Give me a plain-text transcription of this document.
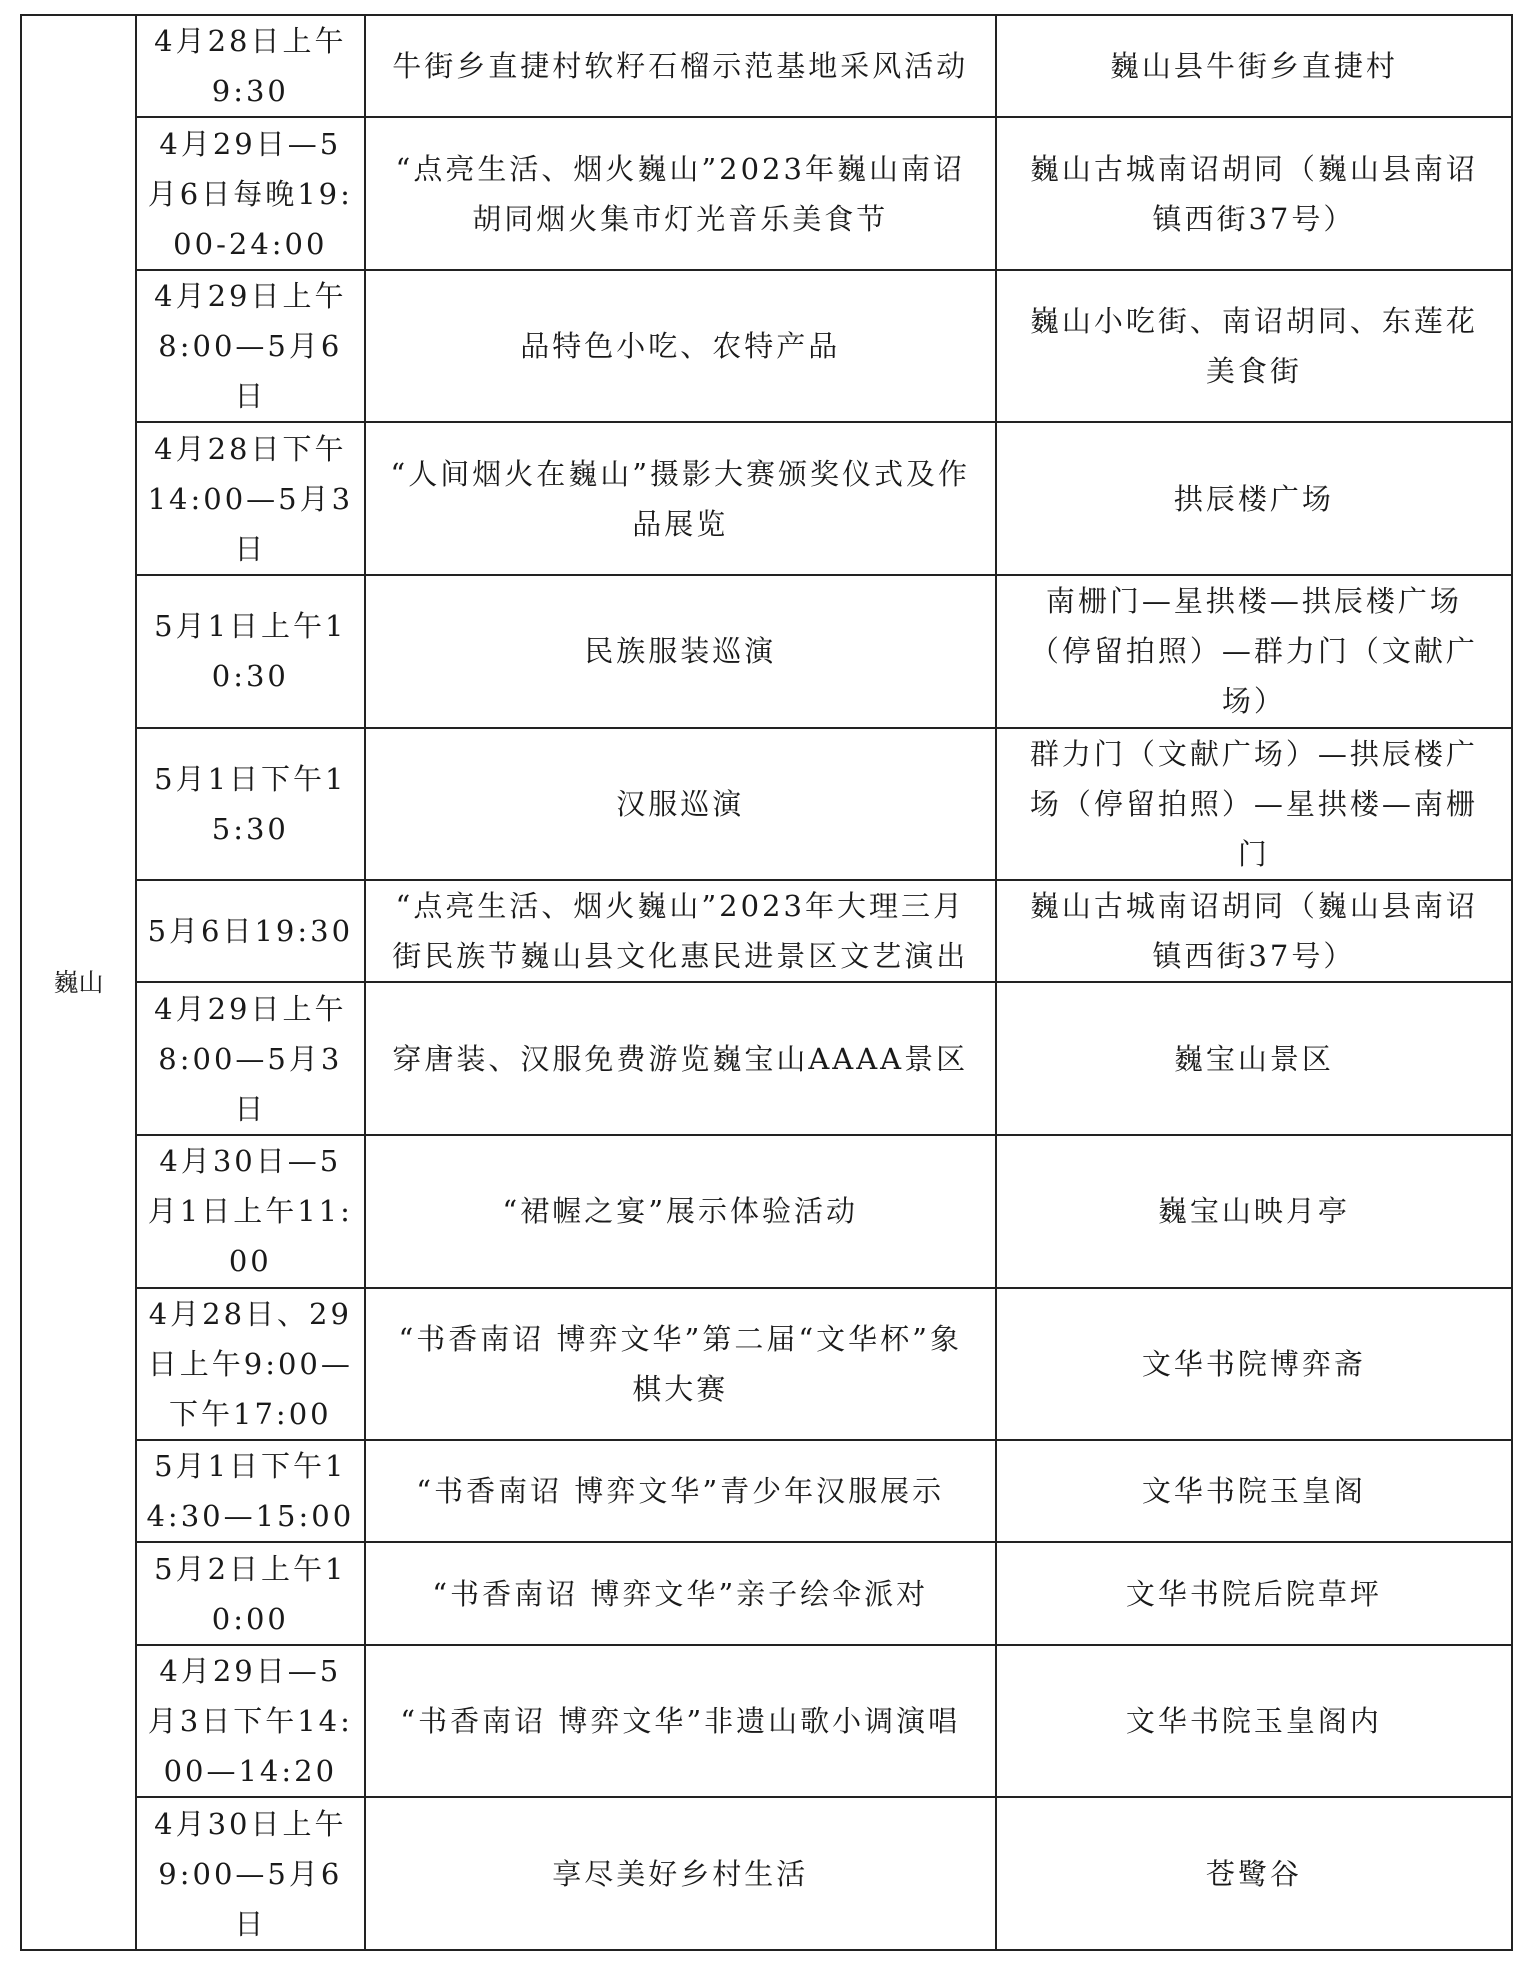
巍山	4月28日上午9:30	牛街乡直捷村软籽石榴示范基地采风活动	巍山县牛街乡直捷村
	4月29日—5月6日每晚19:00-24:00	“点亮生活、烟火巍山”2023年巍山南诏胡同烟火集市灯光音乐美食节	巍山古城南诏胡同（巍山县南诏镇西街37号）
	4月29日上午8:00—5月6日	品特色小吃、农特产品	巍山小吃街、南诏胡同、东莲花美食街
	4月28日下午14:00—5月3日	“人间烟火在巍山”摄影大赛颁奖仪式及作品展览	拱辰楼广场
	5月1日上午10:30	民族服装巡演	南栅门—星拱楼—拱辰楼广场（停留拍照）—群力门（文献广场）
	5月1日下午15:30	汉服巡演	群力门（文献广场）—拱辰楼广场（停留拍照）—星拱楼—南栅门
	5月6日19:30	“点亮生活、烟火巍山”2023年大理三月街民族节巍山县文化惠民进景区文艺演出	巍山古城南诏胡同（巍山县南诏镇西街37号）
	4月29日上午8:00—5月3日	穿唐装、汉服免费游览巍宝山AAAA景区	巍宝山景区
	4月30日—5月1日上午11:00	“裙幄之宴”展示体验活动	巍宝山映月亭
	4月28日、29日上午9:00—下午17:00	“书香南诏 博弈文华”第二届“文华杯”象棋大赛	文华书院博弈斋
	5月1日下午14:30—15:00	“书香南诏 博弈文华”青少年汉服展示	文华书院玉皇阁
	5月2日上午10:00	“书香南诏 博弈文华”亲子绘伞派对	文华书院后院草坪
	4月29日—5月3日下午14:00—14:20	“书香南诏 博弈文华”非遗山歌小调演唱	文华书院玉皇阁内
	4月30日上午9:00—5月6日	享尽美好乡村生活	苍鹭谷
